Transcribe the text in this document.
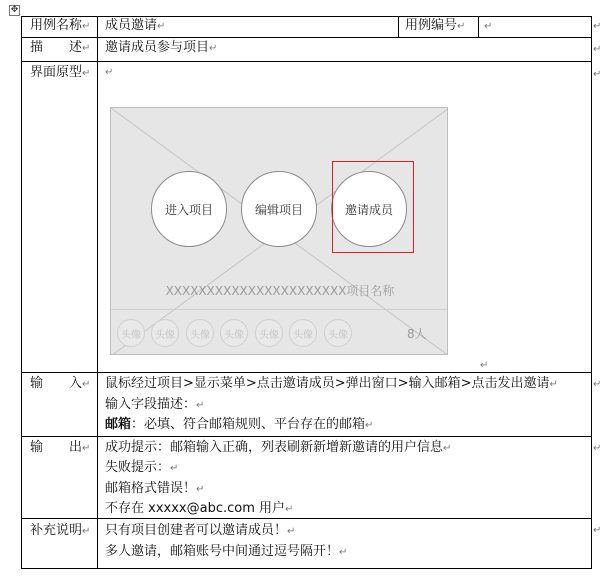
✥
↵
↵
↵
↵
↵
↵
用例名称↵ 成员邀请↵	用例编号↵ ↵
描　　述↵ 邀请成员参与项目↵
界面原型↵ ↵
进入项目	编辑项目	邀请成员
XXXXXXXXXXXXXXXXXXXXXX项目名称
头像	头像	头像	头像	头像	头像	头像	8人
↵
输　　入↵ 鼠标经过项目>显示菜单>点击邀请成员>弹出窗口>输入邮箱>点击发出邀请↵
输入字段描述：↵
邮箱：必填、符合邮箱规则、平台存在的邮箱↵
输　　出↵ 成功提示：邮箱输入正确，列表刷新新增新邀请的用户信息↵
失败提示：↵
邮箱格式错误！↵
不存在 xxxxx@abc.com 用户↵
补充说明↵ 只有项目创建者可以邀请成员！↵
多人邀请，邮箱账号中间通过逗号隔开！↵
